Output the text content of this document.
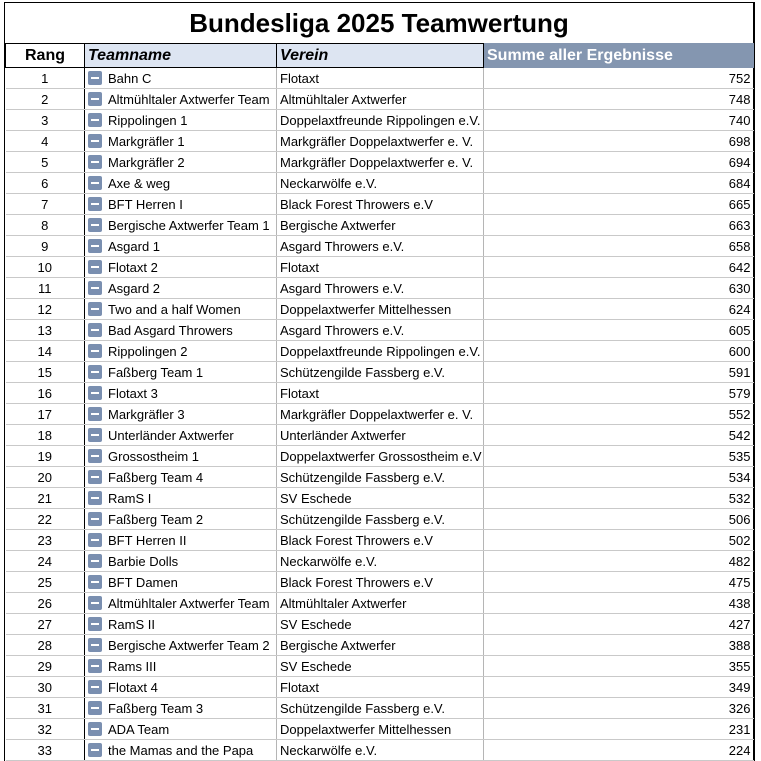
Bundesliga 2025 Teamwertung
Rang	Teamname	Verein	Summe aller Ergebnisse
1	Bahn C	Flotaxt	752
2	Altmühltaler Axtwerfer Team	Altmühltaler Axtwerfer	748
3	Rippolingen 1	Doppelaxtfreunde Rippolingen e.V.	740
4	Markgräfler 1	Markgräfler Doppelaxtwerfer e. V.	698
5	Markgräfler 2	Markgräfler Doppelaxtwerfer e. V.	694
6	Axe & weg	Neckarwölfe e.V.	684
7	BFT Herren I	Black Forest Throwers e.V	665
8	Bergische Axtwerfer Team 1	Bergische Axtwerfer	663
9	Asgard 1	Asgard Throwers e.V.	658
10	Flotaxt 2	Flotaxt	642
11	Asgard 2	Asgard Throwers e.V.	630
12	Two and a half Women	Doppelaxtwerfer Mittelhessen	624
13	Bad Asgard Throwers	Asgard Throwers e.V.	605
14	Rippolingen 2	Doppelaxtfreunde Rippolingen e.V.	600
15	Faßberg Team 1	Schützengilde Fassberg e.V.	591
16	Flotaxt 3	Flotaxt	579
17	Markgräfler 3	Markgräfler Doppelaxtwerfer e. V.	552
18	Unterländer Axtwerfer	Unterländer Axtwerfer	542
19	Grossostheim 1	Doppelaxtwerfer Grossostheim e.V	535
20	Faßberg Team 4	Schützengilde Fassberg e.V.	534
21	RamS I	SV Eschede	532
22	Faßberg Team 2	Schützengilde Fassberg e.V.	506
23	BFT Herren II	Black Forest Throwers e.V	502
24	Barbie Dolls	Neckarwölfe e.V.	482
25	BFT Damen	Black Forest Throwers e.V	475
26	Altmühltaler Axtwerfer Team	Altmühltaler Axtwerfer	438
27	RamS II	SV Eschede	427
28	Bergische Axtwerfer Team 2	Bergische Axtwerfer	388
29	Rams III	SV Eschede	355
30	Flotaxt 4	Flotaxt	349
31	Faßberg Team 3	Schützengilde Fassberg e.V.	326
32	ADA Team	Doppelaxtwerfer Mittelhessen	231
33	the Mamas and the Papa	Neckarwölfe e.V.	224
